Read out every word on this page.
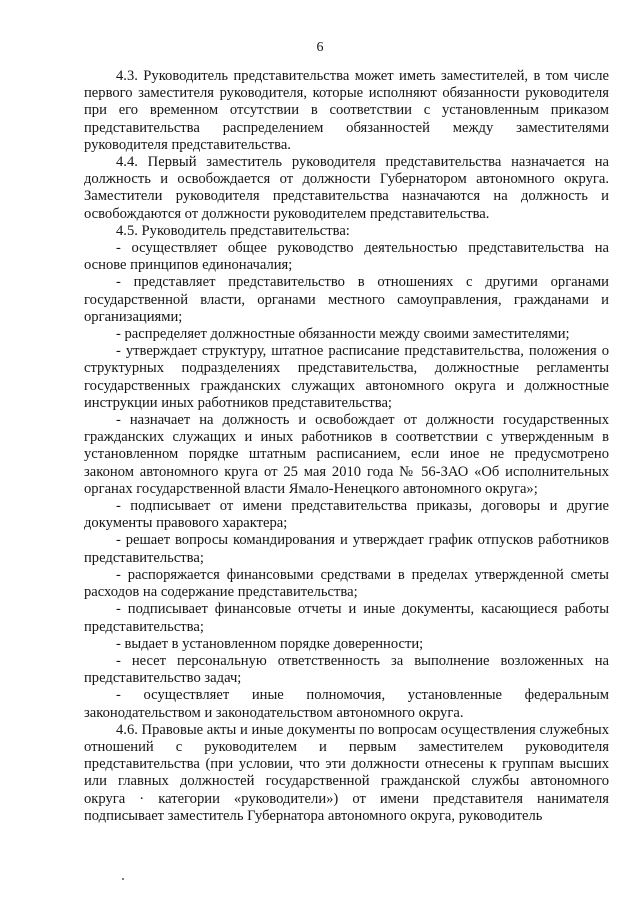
6

4.3. Руководитель представительства может иметь заместителей, в том числе первого заместителя руководителя, которые исполняют обязанности руководителя при его временном отсутствии в соответствии с установленным приказом представительства распределением обязанностей между заместителями руководителя представительства.

4.4. Первый заместитель руководителя представительства назначается на должность и освобождается от должности Губернатором автономного округа. Заместители руководителя представительства назначаются на должность и освобождаются от должности руководителем представительства.

4.5. Руководитель представительства:

- осуществляет общее руководство деятельностью представительства на основе принципов единоначалия;

- представляет представительство в отношениях с другими органами государственной власти, органами местного самоуправления, гражданами и организациями;

- распределяет должностные обязанности между своими заместителями;

- утверждает структуру, штатное расписание представительства, положения о структурных подразделениях представительства, должностные регламенты государственных гражданских служащих автономного округа и должностные инструкции иных работников представительства;

- назначает на должность и освобождает от должности государственных гражданских служащих и иных работников в соответствии с утвержденным в установленном порядке штатным расписанием, если иное не предусмотрено законом автономного круга от 25 мая 2010 года № 56-ЗАО «Об исполнительных органах государственной власти Ямало-Ненецкого автономного округа»;

- подписывает от имени представительства приказы, договоры и другие документы правового характера;

- решает вопросы командирования и утверждает график отпусков работников представительства;

- распоряжается финансовыми средствами в пределах утвержденной сметы расходов на содержание представительства;

- подписывает финансовые отчеты и иные документы, касающиеся работы представительства;

- выдает в установленном порядке доверенности;

- несет персональную ответственность за выполнение возложенных на представительство задач;

- осуществляет иные полномочия, установленные федеральным законодательством и законодательством автономного округа.

4.6. Правовые акты и иные документы по вопросам осуществления служебных отношений с руководителем и первым заместителем руководителя представительства (при условии, что эти должности отнесены к группам высших или главных должностей государственной гражданской службы автономного округа · категории «руководители») от имени представителя нанимателя подписывает заместитель Губернатора автономного округа, руководитель
